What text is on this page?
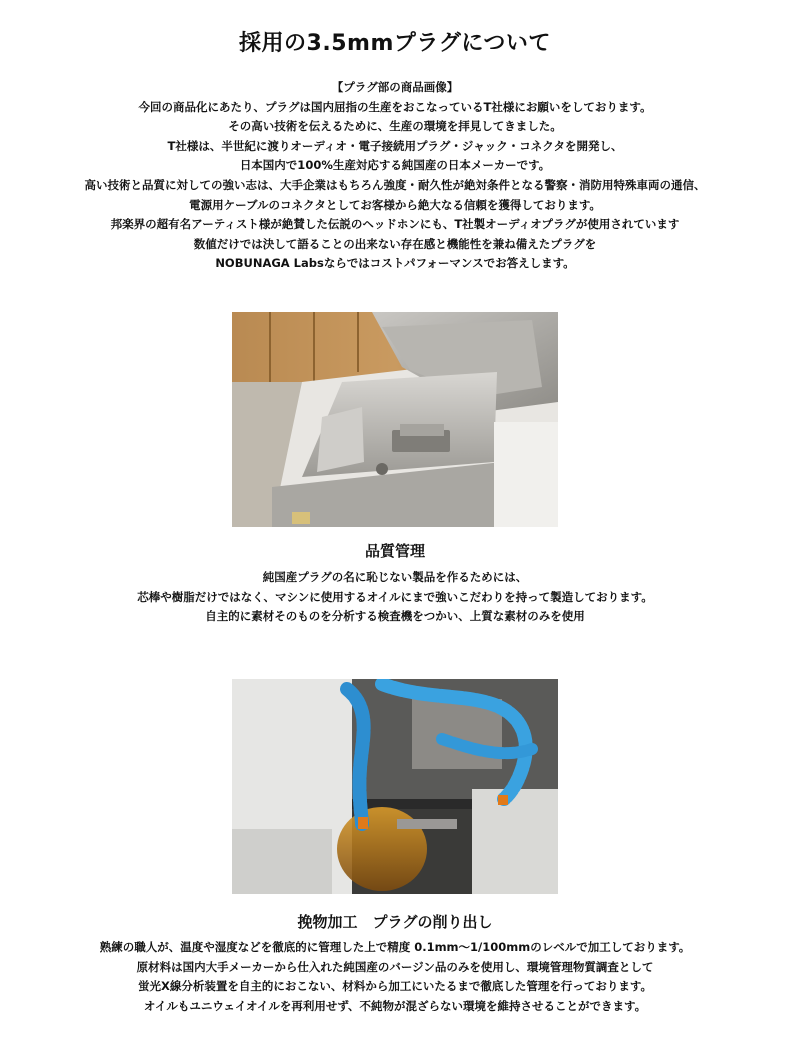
採用の3.5mmプラグについて
【プラグ部の商品画像】
今回の商品化にあたり、プラグは国内屈指の生産をおこなっているT社様にお願いをしております。
その高い技術を伝えるために、生産の環境を拝見してきました。
T社様は、半世紀に渡りオーディオ・電子接続用プラグ・ジャック・コネクタを開発し、
日本国内で100%生産対応する純国産の日本メーカーです。
高い技術と品質に対しての強い志は、大手企業はもちろん強度・耐久性が絶対条件となる警察・消防用特殊車両の通信、
電源用ケーブルのコネクタとしてお客様から絶大なる信頼を獲得しております。
邦楽界の超有名アーティスト様が絶賛した伝説のヘッドホンにも、T社製オーディオプラグが使用されています
数値だけでは決して語ることの出来ない存在感と機能性を兼ね備えたプラグを
NOBUNAGA Labsならではコストパフォーマンスでお答えします。
品質管理
純国産プラグの名に恥じない製品を作るためには、
芯棒や樹脂だけではなく、マシンに使用するオイルにまで強いこだわりを持って製造しております。
自主的に素材そのものを分析する検査機をつかい、上質な素材のみを使用
挽物加工　プラグの削り出し
熟練の職人が、温度や湿度などを徹底的に管理した上で精度 0.1mm〜1/100mmのレベルで加工しております。
原材料は国内大手メーカーから仕入れた純国産のバージン品のみを使用し、環境管理物質調査として
蛍光X線分析装置を自主的におこない、材料から加工にいたるまで徹底した管理を行っております。
オイルもユニウェイオイルを再利用せず、不純物が混ざらない環境を維持させることができます。
